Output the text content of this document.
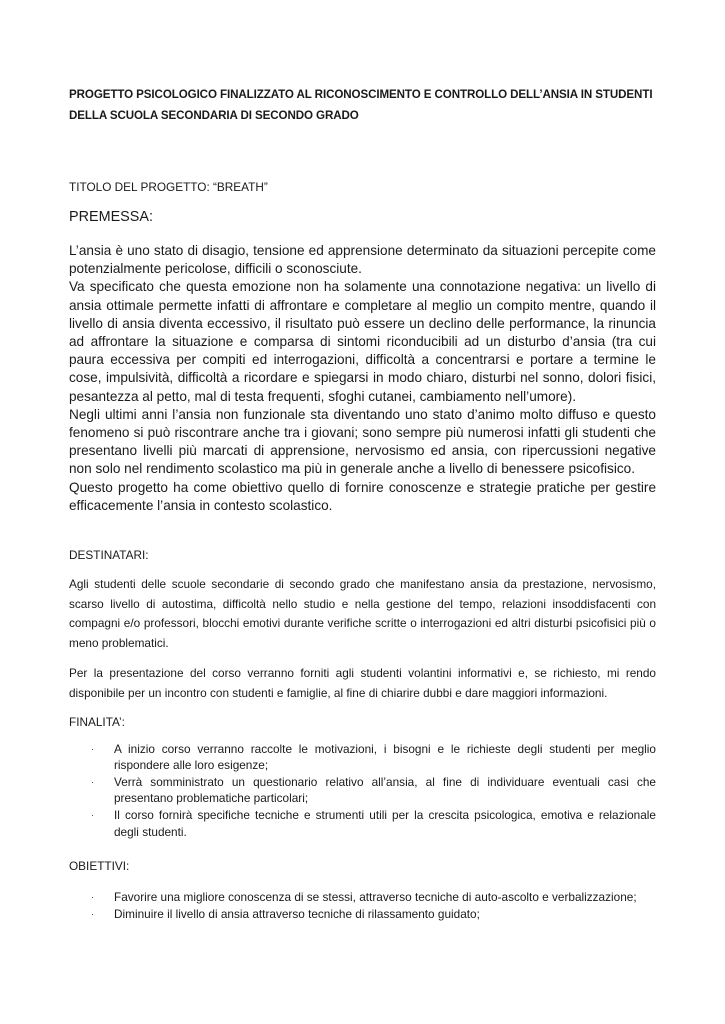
PROGETTO PSICOLOGICO FINALIZZATO AL RICONOSCIMENTO E CONTROLLO DELL’ANSIA IN STUDENTI DELLA SCUOLA SECONDARIA DI SECONDO GRADO

TITOLO DEL PROGETTO: “BREATH”

PREMESSA:

L’ansia è uno stato di disagio, tensione ed apprensione determinato da situazioni percepite come potenzialmente pericolose, difficili o sconosciute.

Va specificato che questa emozione non ha solamente una connotazione negativa: un livello di ansia ottimale permette infatti di affrontare e completare al meglio un compito mentre, quando il livello di ansia diventa eccessivo, il risultato può essere un declino delle performance, la rinuncia ad affrontare la situazione e comparsa di sintomi riconducibili ad un disturbo d’ansia (tra cui paura eccessiva per compiti ed interrogazioni, difficoltà a concentrarsi e portare a termine le cose, impulsività, difficoltà a ricordare e spiegarsi in modo chiaro, disturbi nel sonno, dolori fisici, pesantezza al petto, mal di testa frequenti, sfoghi cutanei, cambiamento nell’umore).

Negli ultimi anni l’ansia non funzionale sta diventando uno stato d’animo molto diffuso e questo fenomeno si può riscontrare anche tra i giovani; sono sempre più numerosi infatti gli studenti che presentano livelli più marcati di apprensione, nervosismo ed ansia, con ripercussioni negative non solo nel rendimento scolastico ma più in generale anche a livello di benessere psicofisico.

Questo progetto ha come obiettivo quello di fornire conoscenze e strategie pratiche per gestire efficacemente l’ansia in contesto scolastico.

DESTINATARI:

Agli studenti delle scuole secondarie di secondo grado che manifestano ansia da prestazione, nervosismo, scarso livello di autostima, difficoltà nello studio e nella gestione del tempo, relazioni insoddisfacenti con compagni e/o professori, blocchi emotivi durante verifiche scritte o interrogazioni ed altri disturbi psicofisici più o meno problematici.

Per la presentazione del corso verranno forniti agli studenti volantini informativi e, se richiesto, mi rendo disponibile per un incontro con studenti e famiglie, al fine di chiarire dubbi e dare maggiori informazioni.

FINALITA’:

· A inizio corso verranno raccolte le motivazioni, i bisogni e le richieste degli studenti per meglio rispondere alle loro esigenze;
· Verrà somministrato un questionario relativo all’ansia, al fine di individuare eventuali casi che presentano problematiche particolari;
· Il corso fornirà specifiche tecniche e strumenti utili per la crescita psicologica, emotiva e relazionale degli studenti.

OBIETTIVI:

· Favorire una migliore conoscenza di se stessi, attraverso tecniche di auto-ascolto e verbalizzazione;
· Diminuire il livello di ansia attraverso tecniche di rilassamento guidato;
